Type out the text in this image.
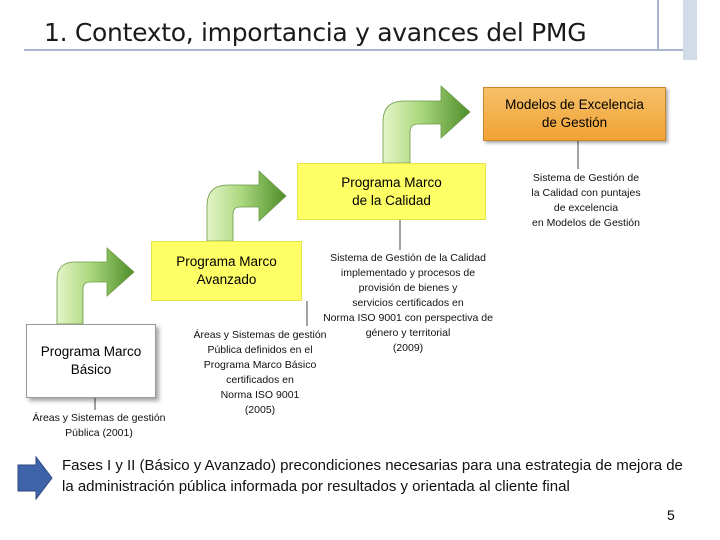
1. Contexto, importancia y avances del PMG
Programa Marco
Básico
Programa Marco
Avanzado
Programa Marco
de la Calidad
Modelos de Excelencia
de Gestión
Áreas y Sistemas de gestión
Pública (2001)
Áreas y Sistemas de gestión
Pública definidos en el
Programa Marco Básico
certificados en
Norma ISO 9001
(2005)
Sistema de Gestión de la Calidad
implementado y procesos de
provisión de bienes y
servicios certificados en
Norma ISO 9001 con perspectiva de
género y territorial
(2009)
Sistema de Gestión de
la Calidad con puntajes
de excelencia
en Modelos de Gestión
Fases I y II (Básico y Avanzado) precondiciones necesarias para una estrategia de mejora de la administración pública informada por resultados y orientada al cliente final
5
